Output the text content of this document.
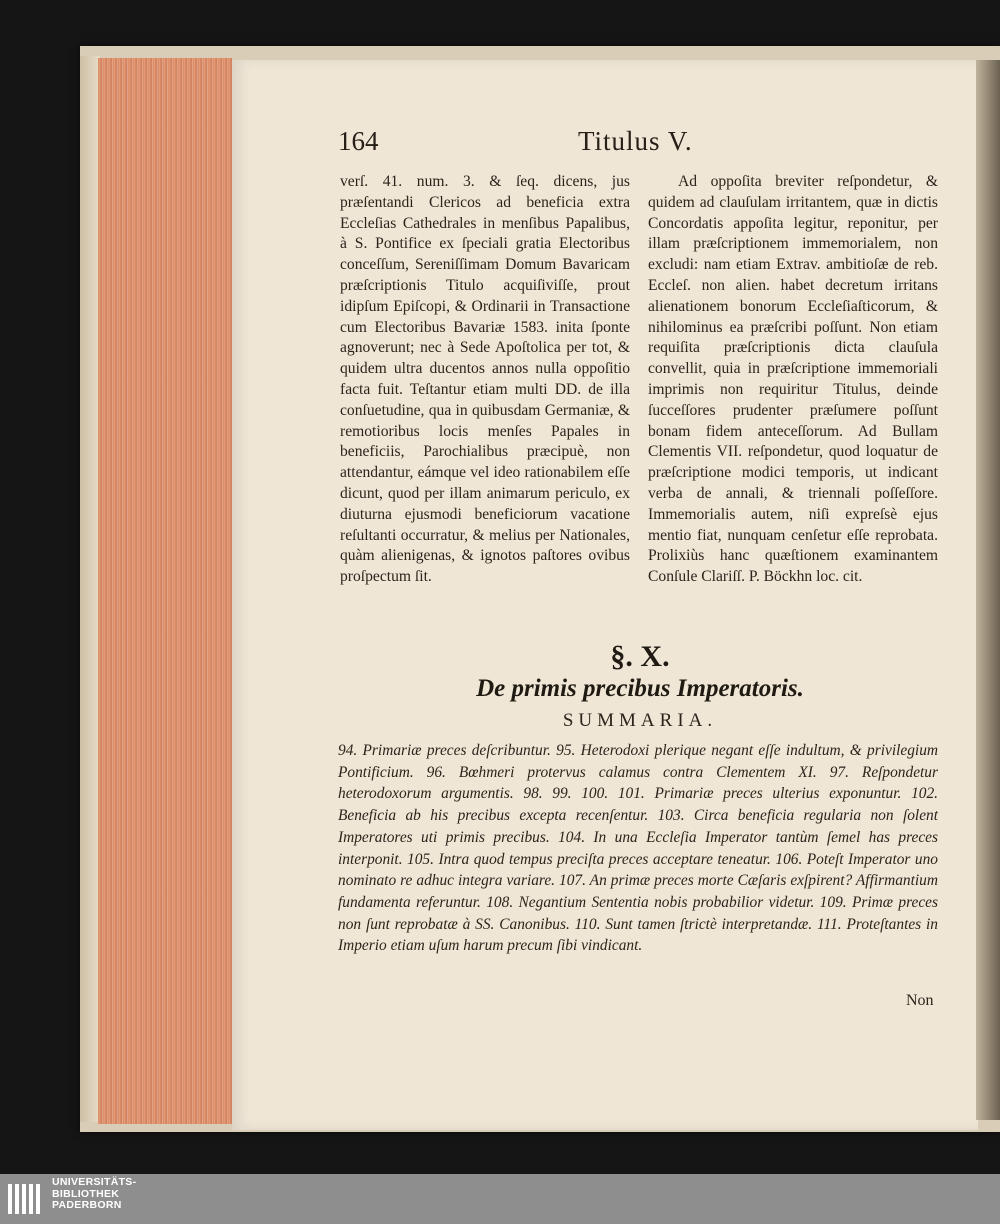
164	Titulus V.

verſ. 41. num. 3. & ſeq. dicens, jus præſentandi Clericos ad beneficia extra Eccleſias Cathedrales in menſibus Papalibus, à S. Pontifice ex ſpeciali gratia Electoribus conceſſum, Sereniſſimam Domum Bavaricam præſcriptionis Titulo acquiſiviſſe, prout idipſum Epiſcopi, & Ordinarii in Transactione cum Electoribus Bavariæ 1583. inita ſponte agnoverunt; nec à Sede Apoſtolica per tot, & quidem ultra ducentos annos nulla oppoſitio facta fuit. Teſtantur etiam multi DD. de illa conſuetudine, qua in quibusdam Germaniæ, & remotioribus locis menſes Papales in beneficiis, Parochialibus præcipuè, non attendantur, eámque vel ideo rationabilem eſſe dicunt, quod per illam animarum periculo, ex diuturna ejusmodi beneficiorum vacatione reſultanti occurratur, & melius per Nationales, quàm alienigenas, & ignotos paſtores ovibus proſpectum ſit.

Ad oppoſita breviter reſpondetur, & quidem ad clauſulam irritantem, quæ in dictis Concordatis appoſita legitur, reponitur, per illam præſcriptionem immemorialem, non excludi: nam etiam Extrav. ambitioſæ de reb. Eccleſ. non alien. habet decretum irritans alienationem bonorum Eccleſiaſticorum, & nihilominus ea præſcribi poſſunt. Non etiam requiſita præſcriptionis dicta clauſula convellit, quia in præſcriptione immemoriali imprimis non requiritur Titulus, deinde ſucceſſores prudenter præſumere poſſunt bonam fidem anteceſſorum. Ad Bullam Clementis VII. reſpondetur, quod loquatur de præſcriptione modici temporis, ut indicant verba de annali, & triennali poſſeſſore. Immemorialis autem, niſi expreſsè ejus mentio fiat, nunquam cenſetur eſſe reprobata. Prolixiùs hanc quæſtionem examinantem Conſule Clariſſ. P. Böckhn loc. cit.

§. X.
De primis precibus Imperatoris.
SUMMARIA.
94. Primariæ preces deſcribuntur. 95. Heterodoxi plerique negant eſſe indultum, & privilegium Pontificium. 96. Bœhmeri protervus calamus contra Clementem XI. 97. Reſpondetur heterodoxorum argumentis. 98. 99. 100. 101. Primariæ preces ulterius exponuntur. 102. Beneficia ab his precibus excepta recenſentur. 103. Circa beneficia regularia non ſolent Imperatores uti primis precibus. 104. In una Eccleſia Imperator tantùm ſemel has preces interponit. 105. Intra quod tempus preciſta preces acceptare teneatur. 106. Poteſt Imperator uno nominato re adhuc integra variare. 107. An primæ preces morte Cæſaris exſpirent? Affirmantium fundamenta referuntur. 108. Negantium Sententia nobis probabilior videtur. 109. Primæ preces non ſunt reprobatæ à SS. Canonibus. 110. Sunt tamen ſtrictè interpretandæ. 111. Proteſtantes in Imperio etiam uſum harum precum ſibi vindicant.
Non
UNIVERSITÄTS-
BIBLIOTHEK
PADERBORN
